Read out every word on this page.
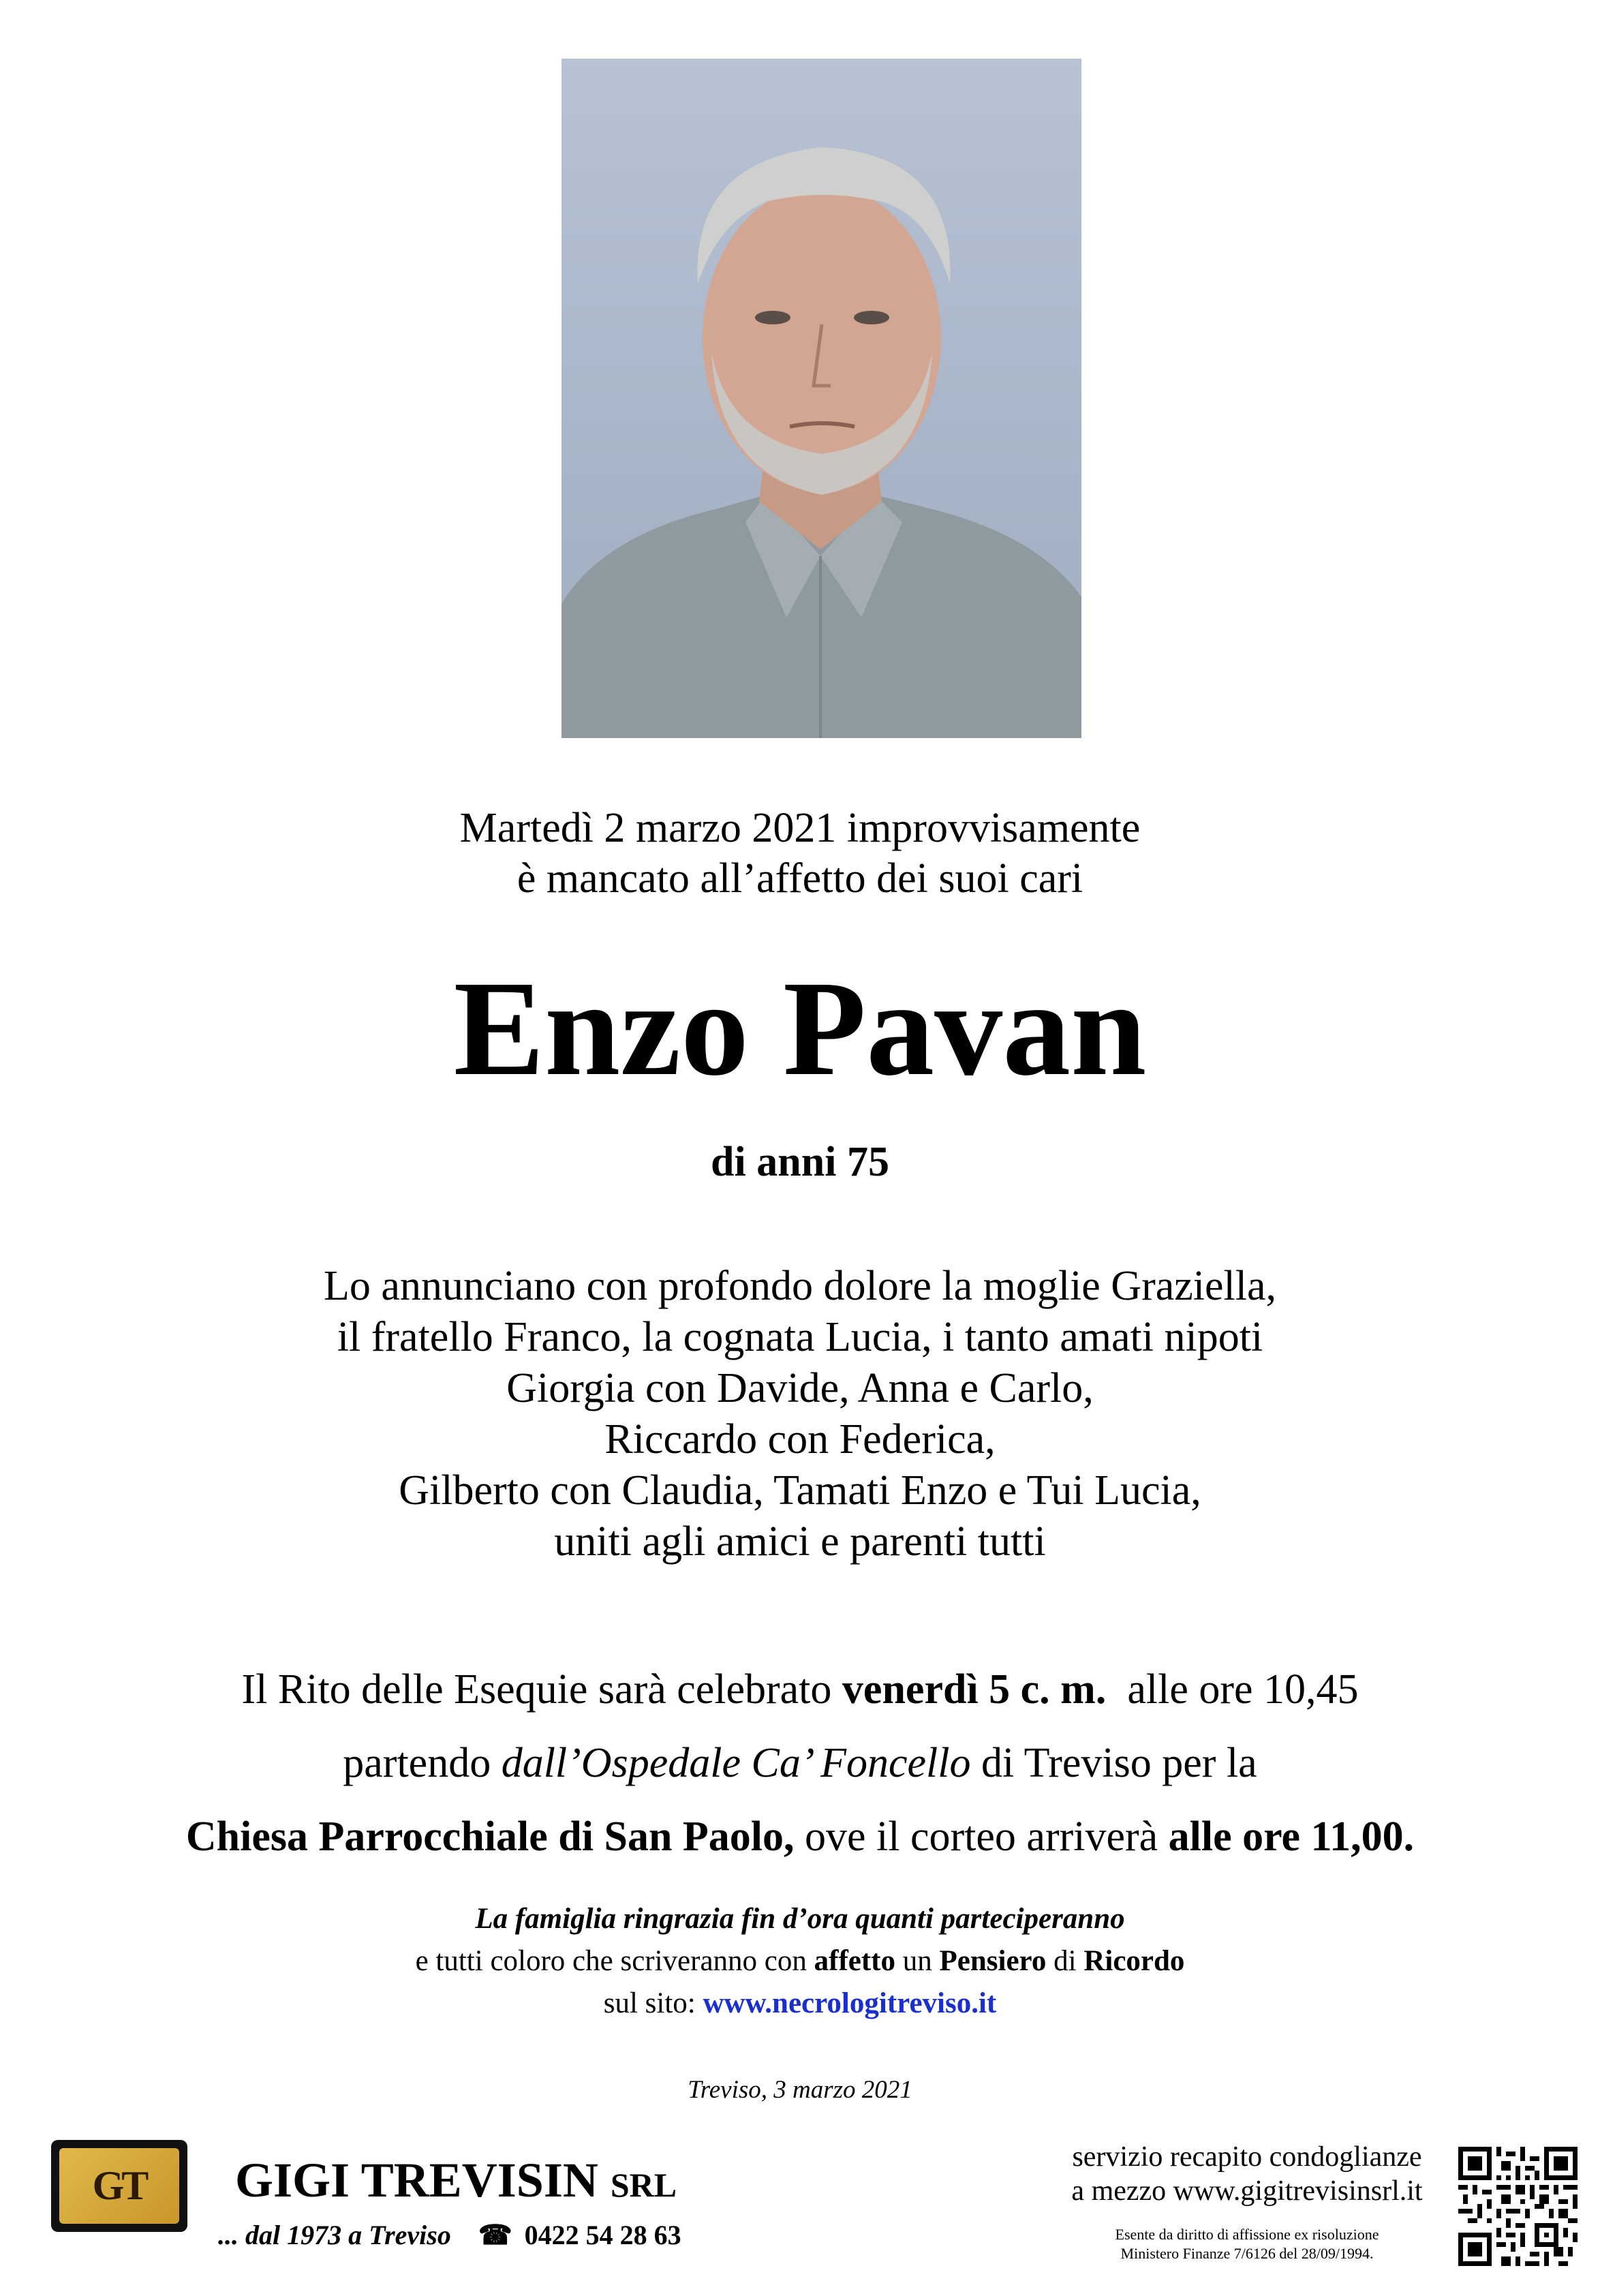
Martedì 2 marzo 2021 improvvisamente
è mancato all’affetto dei suoi cari
Enzo Pavan
di anni 75
Lo annunciano con profondo dolore la moglie Graziella,
il fratello Franco, la cognata Lucia, i tanto amati nipoti
Giorgia con Davide, Anna e Carlo,
Riccardo con Federica,
Gilberto con Claudia, Tamati Enzo e Tui Lucia,
uniti agli amici e parenti tutti
Il Rito delle Esequie sarà celebrato venerdì 5 c. m.  alle ore 10,45
partendo dall’Ospedale Ca’ Foncello di Treviso per la
Chiesa Parrocchiale di San Paolo, ove il corteo arriverà alle ore 11,00.
La famiglia ringrazia fin d’ora quanti parteciperanno
e tutti coloro che scriveranno con affetto un Pensiero di Ricordo
sul sito: www.necrologitreviso.it
Treviso, 3 marzo 2021
GT	GIGI TREVISIN SRL
... dal 1973 a Treviso ☎ 0422 54 28 63
servizio recapito condoglianze
a mezzo www.gigitrevisinsrl.it
Esente da diritto di affissione ex risoluzione
Ministero Finanze 7/6126 del 28/09/1994.
